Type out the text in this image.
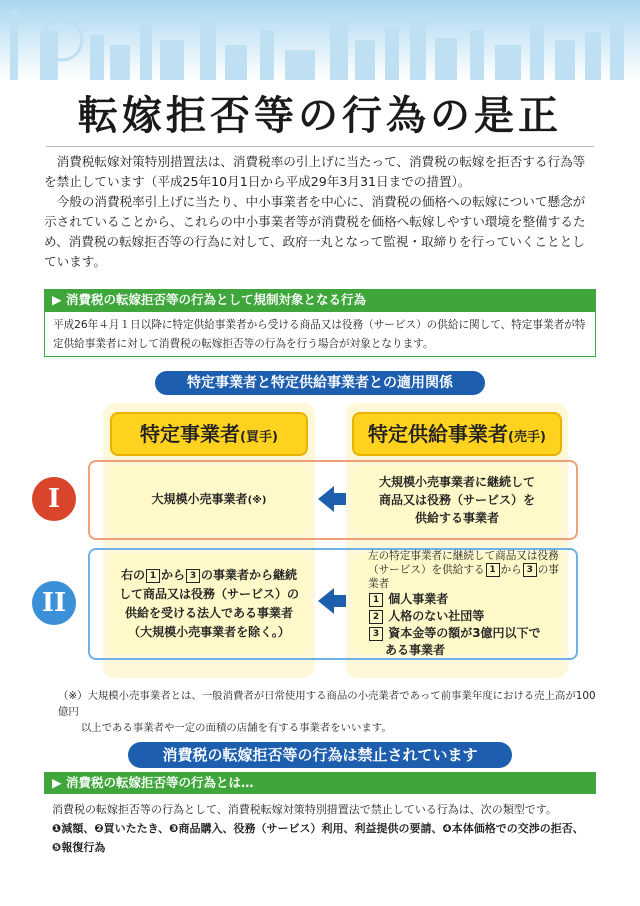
転嫁拒否等の行為の是正

消費税転嫁対策特別措置法は、消費税率の引上げに当たって、消費税の転嫁を拒否する行為等を禁止しています（平成25年10月1日から平成29年3月31日までの措置）。

今般の消費税率引上げに当たり、中小事業者を中心に、消費税の価格への転嫁について懸念が示されていることから、これらの中小事業者等が消費税を価格へ転嫁しやすい環境を整備するため、消費税の転嫁拒否等の行為に対して、政府一丸となって監視・取締りを行っていくこととしています。

▶ 消費税の転嫁拒否等の行為として規制対象となる行為
平成26年４月１日以降に特定供給事業者から受ける商品又は役務（サービス）の供給に関して、特定事業者が特定供給事業者に対して消費税の転嫁拒否等の行為を行う場合が対象となります。
特定事業者と特定供給事業者との適用関係
特定事業者(買手)	特定供給事業者(売手)
I	大規模小売事業者(※)
大規模小売事業者に継続して
商品又は役務（サービス）を
供給する事業者
II
右の 1 から 3 の事業者から継続
して商品又は役務（サービス）の
供給を受ける法人である事業者
（大規模小売事業者を除く。）
左の特定事業者に継続して商品又は役務
（サービス）を供給する 1 から 3 の事業者
1 個人事業者
2 人格のない社団等
3 資本金等の額が3億円以下で
ある事業者
（※）大規模小売事業者とは、一般消費者が日常使用する商品の小売業者であって前事業年度における売上高が100億円
以上である事業者や一定の面積の店舗を有する事業者をいいます。
消費税の転嫁拒否等の行為は禁止されています
▶ 消費税の転嫁拒否等の行為とは…
消費税の転嫁拒否等の行為として、消費税転嫁対策特別措置法で禁止している行為は、次の類型です。
❶減額、❷買いたたき、❸商品購入、役務（サービス）利用、利益提供の要請、❹本体価格での交渉の拒否、
❺報復行為
